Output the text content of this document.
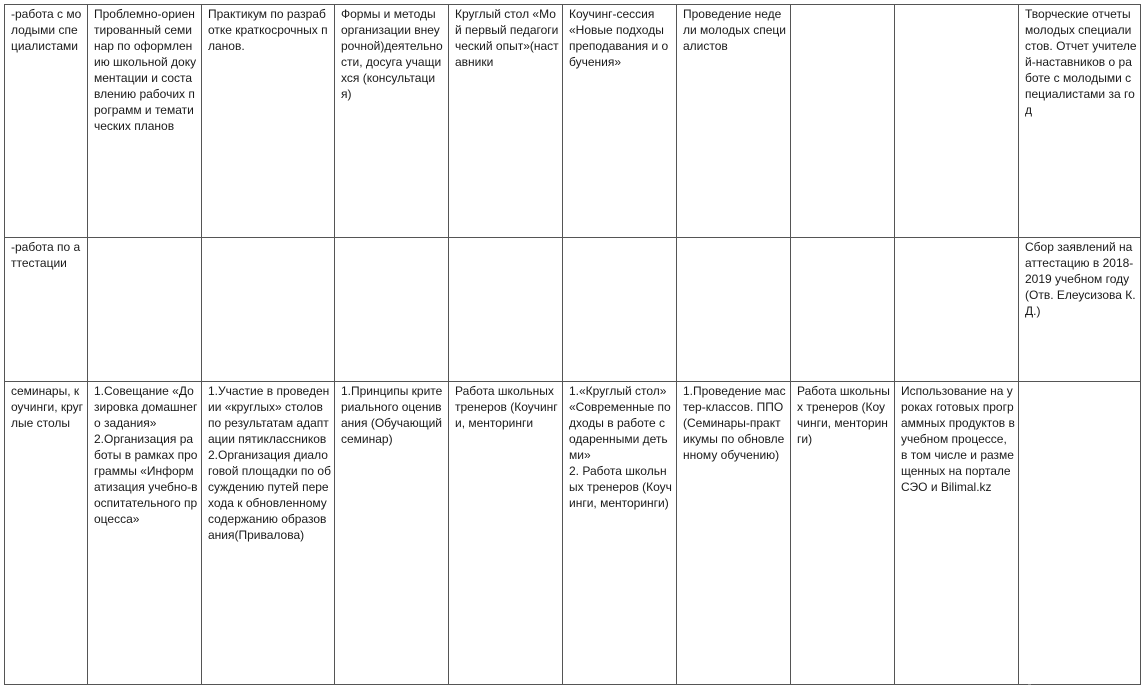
-работа с молодыми специалистами	Проблемно-ориентированный семинар по оформлению школьной документации и составлению рабочих программ и тематических планов	Практикум по разработке краткосрочных планов.	Формы и методы организации внеурочной)деятельности, досуга учащихся (консультация)	Круглый стол «Мой первый педагогический опыт»(наставники	Коучинг-сессия «Новые подходы преподавания и обучения»	Проведение недели молодых специалистов			Творческие отчеты молодых специалистов. Отчет учителей-наставников о работе с молодыми специалистами за год

-работа по аттестации									Сбор заявлений на аттестацию в 2018-2019 учебном году (Отв. Елеусизова К.Д.)

семинары, коучинги, круглые столы	1.Совещание «Дозировка домашнего задания»
2.Организация работы в рамках программы «Информатизация учебно-воспитательного процесса»	1.Участие в проведении «круглых» столов по результатам адаптации пятиклассников
2.Организация диалоговой площадки по обсуждению путей перехода к обновленному содержанию образования(Привалова)	1.Принципы критериального оценивания (Обучающий семинар)	Работа школьных тренеров (Коучинги, менторинги	1.«Круглый стол» «Современные подходы в работе с одаренными детьми»
2. Работа школьных тренеров (Коучинги, менторинги)	1.Проведение мастер-классов. ППО (Семинары-практикумы по обновленному обучению)	Работа школьных тренеров (Коучинги, менторинги)	Использование на уроках готовых программных продуктов в учебном процессе, в том числе и размещенных на портале СЭО и Bilimal.kz	
